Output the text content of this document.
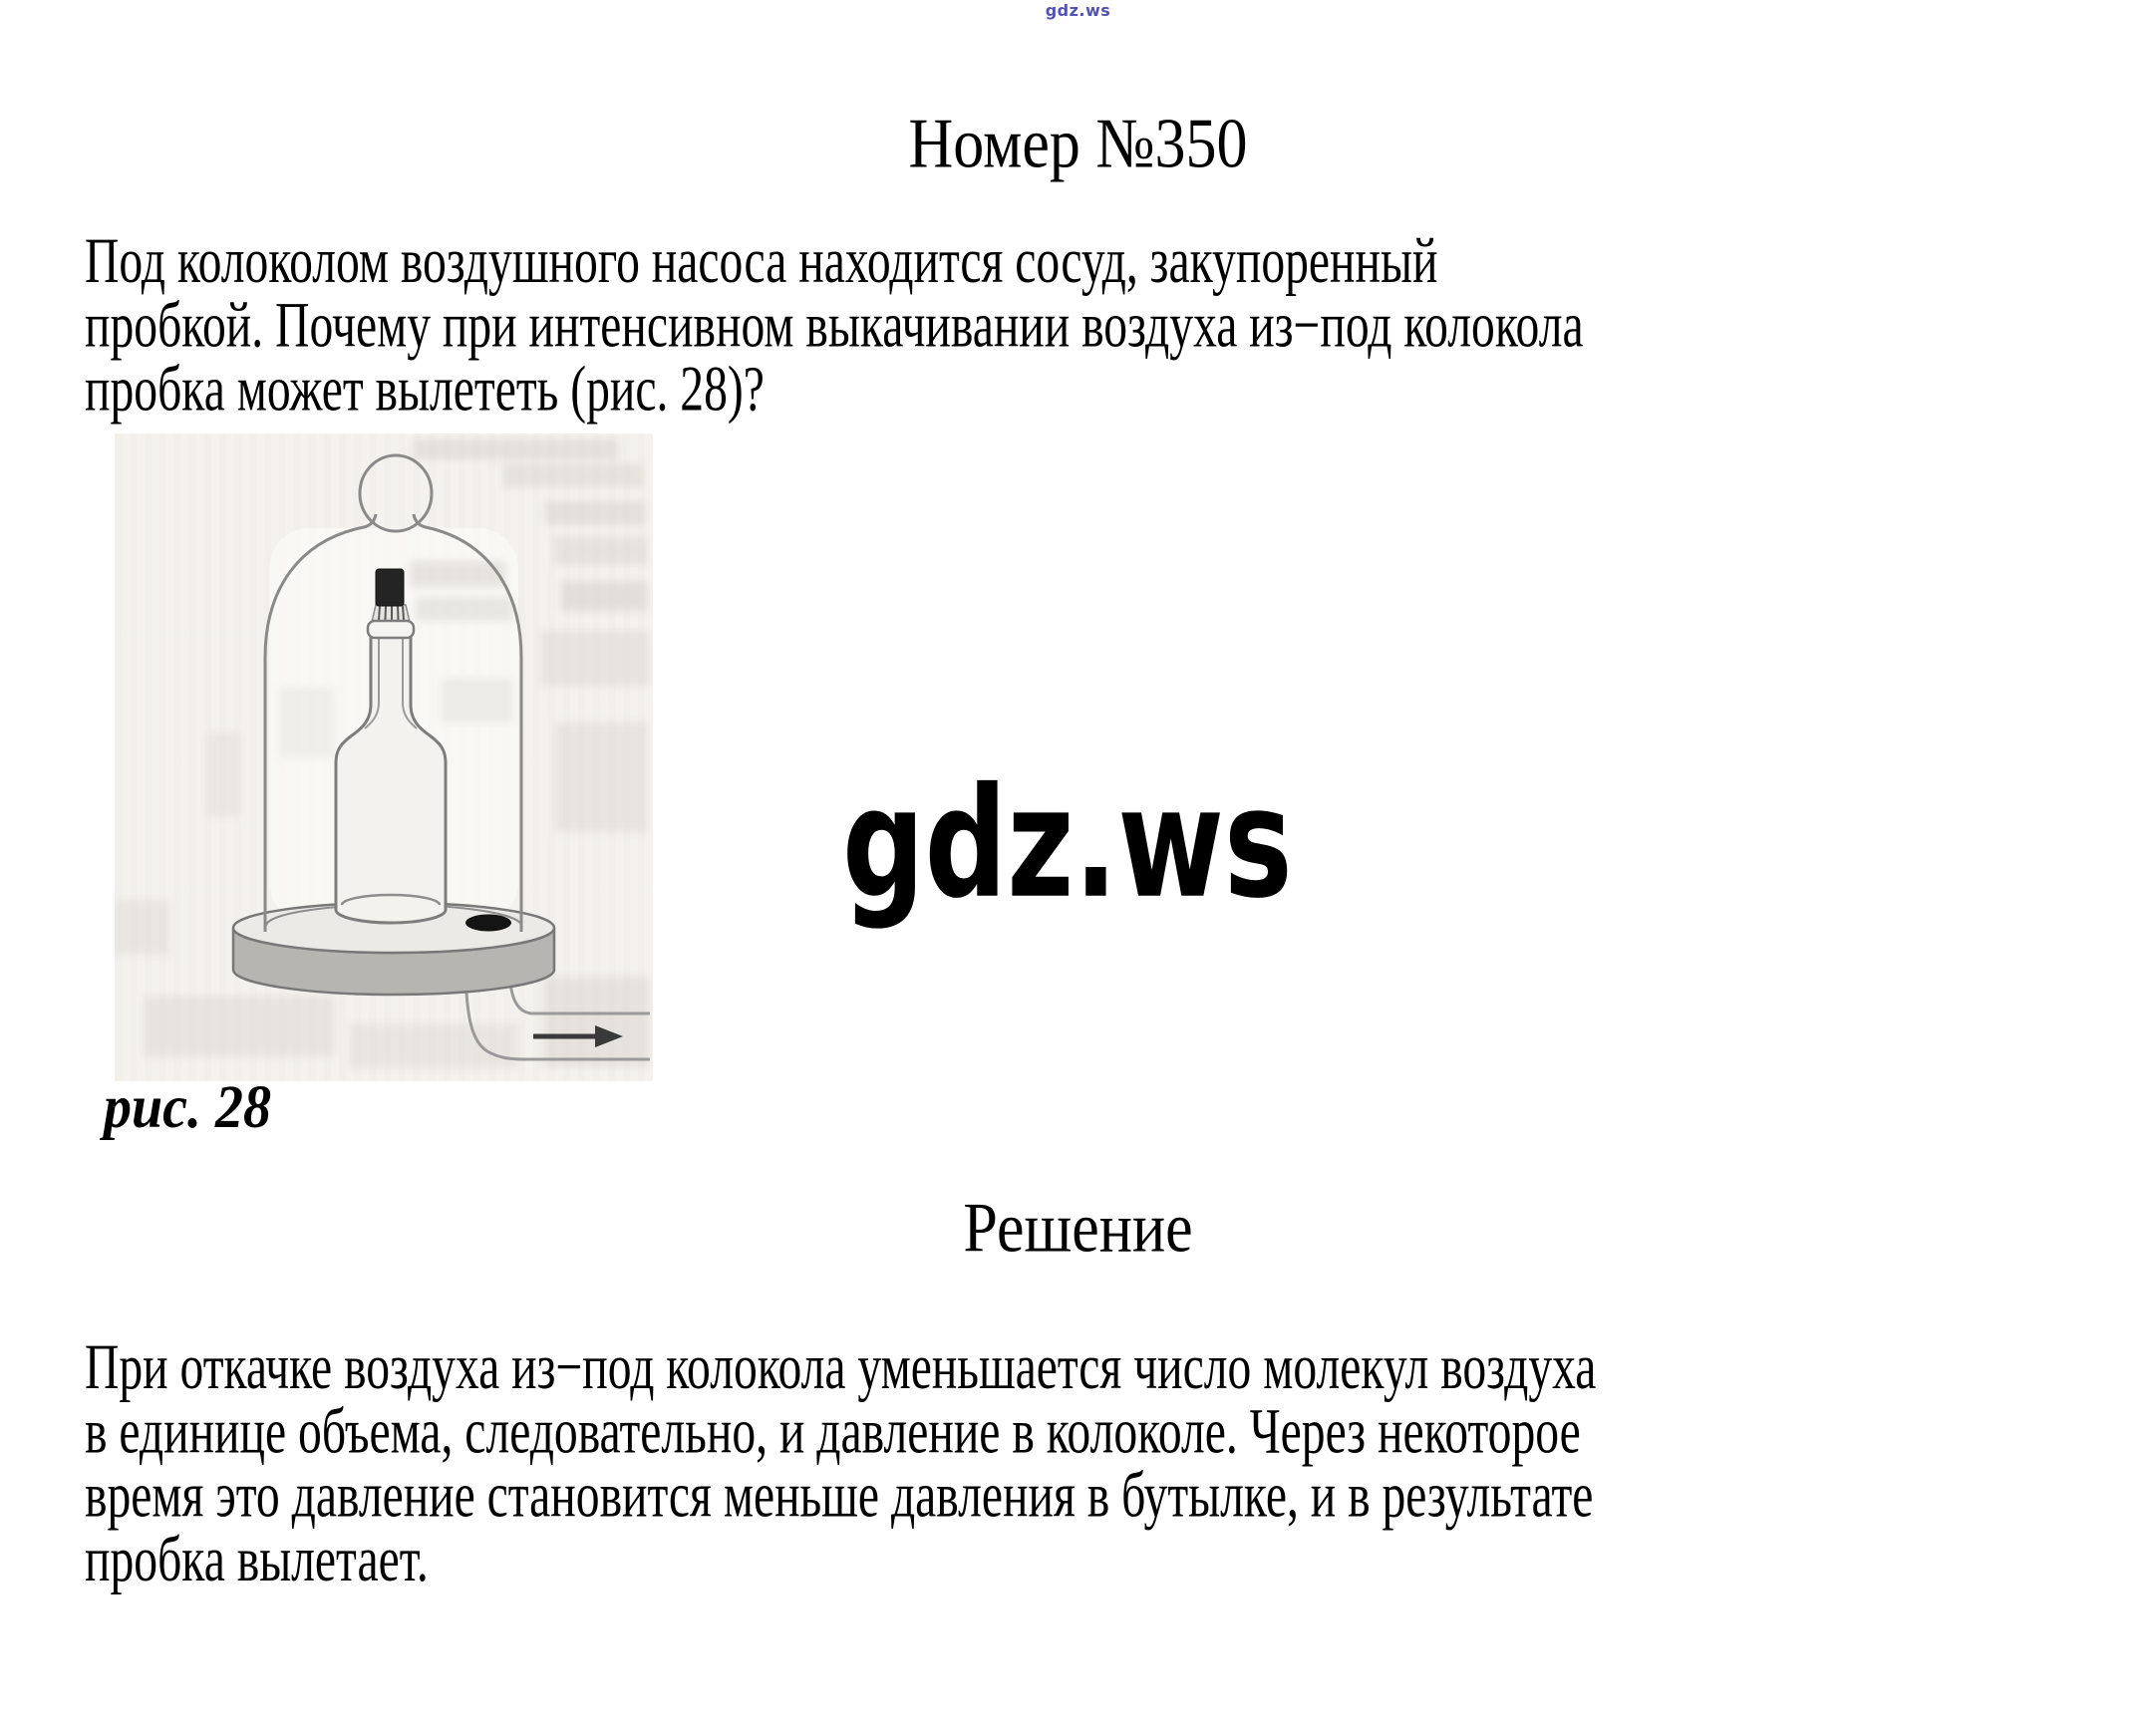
gdz.ws
Номер №350
Под колоколом воздушного насоса находится сосуд, закупоренный
пробкой. Почему при интенсивном выкачивании воздуха из−под колокола
пробка может вылететь (рис. 28)?
рис. 28
gdz.ws
Решение
При откачке воздуха из−под колокола уменьшается число молекул воздуха
в единице объема, следовательно, и давление в колоколе. Через некоторое
время это давление становится меньше давления в бутылке, и в результате
пробка вылетает.
